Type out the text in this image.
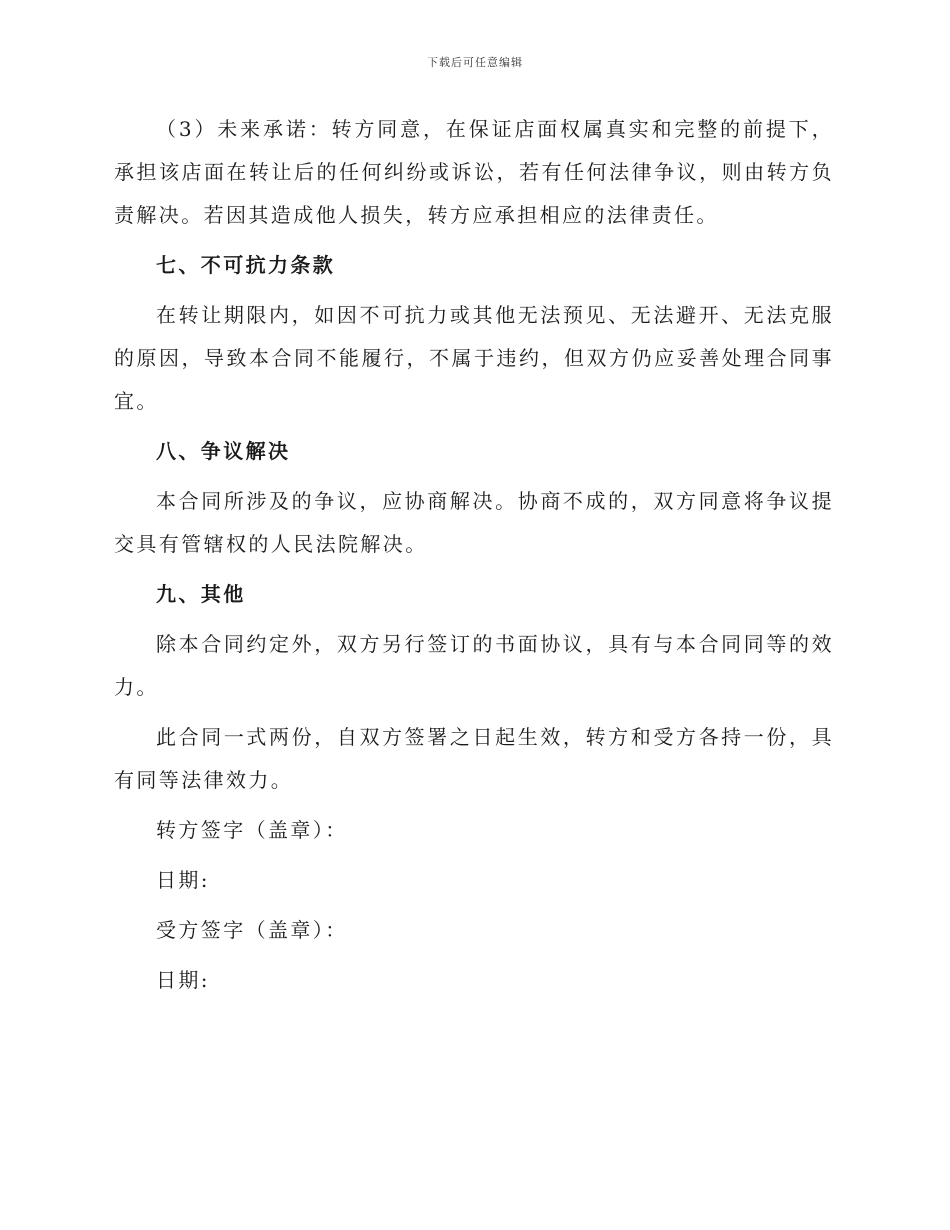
下载后可任意编辑

（3）未来承诺：转方同意，在保证店面权属真实和完整的前提下，承担该店面在转让后的任何纠纷或诉讼，若有任何法律争议，则由转方负责解决。若因其造成他人损失，转方应承担相应的法律责任。

七、不可抗力条款

在转让期限内，如因不可抗力或其他无法预见、无法避开、无法克服的原因，导致本合同不能履行，不属于违约，但双方仍应妥善处理合同事宜。

八、争议解决

本合同所涉及的争议，应协商解决。协商不成的，双方同意将争议提交具有管辖权的人民法院解决。

九、其他

除本合同约定外，双方另行签订的书面协议，具有与本合同同等的效力。

此合同一式两份，自双方签署之日起生效，转方和受方各持一份，具有同等法律效力。

转方签字（盖章）：
日期:
受方签字（盖章）：
日期:
